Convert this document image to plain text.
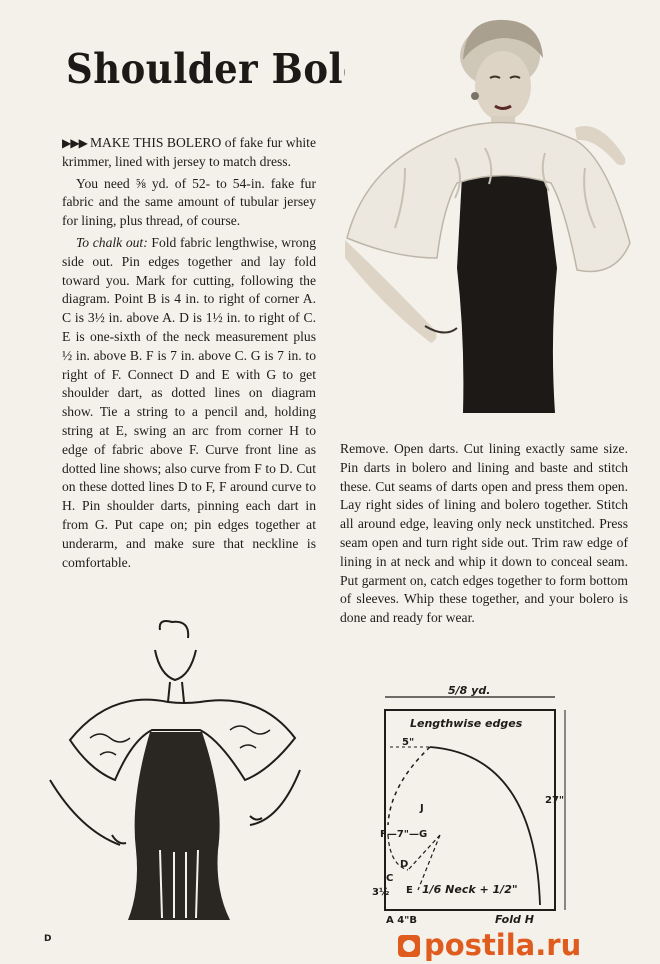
Shoulder Bolero

▶▶▶ MAKE THIS BOLERO of fake fur white krimmer, lined with jersey to match dress.

You need ⅝ yd. of 52- to 54-in. fake fur fabric and the same amount of tubular jersey for lining, plus thread, of course.

To chalk out: Fold fabric lengthwise, wrong side out. Pin edges together and lay fold toward you. Mark for cutting, following the diagram. Point B is 4 in. to right of corner A. C is 3½ in. above A. D is 1½ in. to right of C. E is one-sixth of the neck measurement plus ½ in. above B. F is 7 in. above C. G is 7 in. to right of F. Connect D and E with G to get shoulder dart, as dotted lines on diagram show. Tie a string to a pencil and, holding string at E, swing an arc from corner H to edge of fabric above F. Curve front line as dotted line shows; also curve from F to D. Cut on these dotted lines D to F, F around curve to H. Pin shoulder darts, pinning each dart in from G. Put cape on; pin edges together at underarm, and make sure that neckline is comfortable.

Remove. Open darts. Cut lining exactly same size. Pin darts in bolero and lining and baste and stitch these. Cut seams of darts open and press them open. Lay right sides of lining and bolero together. Stitch all around edge, leaving only neck unstitched. Press seam open and turn right side out. Trim raw edge of lining in at neck and whip it down to conceal seam. Put garment on, catch edges together to form bottom of sleeves. Whip these together, and your bolero is done and ready for wear.

5/8 yd.
Lengthwise edges
5"
27"
J
F—7"—G
D
C
3½ E 1/6 Neck + 1/2"
A 4"B	Fold H
D	postila.ru
